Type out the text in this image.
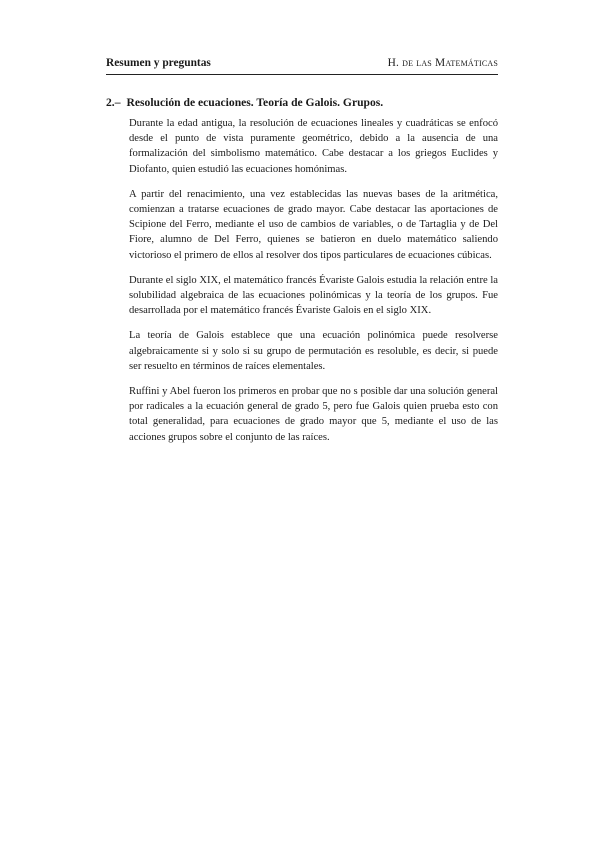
Resumen y preguntas	H. de las Matemáticas
2.– Resolución de ecuaciones. Teoría de Galois. Grupos.

Durante la edad antigua, la resolución de ecuaciones lineales y cuadráticas se enfocó desde el punto de vista puramente geométrico, debido a la ausencia de una formalización del simbolismo matemático. Cabe destacar a los griegos Euclides y Diofanto, quien estudió las ecuaciones homónimas.

A partir del renacimiento, una vez establecidas las nuevas bases de la aritmética, comienzan a tratarse ecuaciones de grado mayor. Cabe destacar las aportaciones de Scipione del Ferro, mediante el uso de cambios de variables, o de Tartaglia y de Del Fiore, alumno de Del Ferro, quienes se batieron en duelo matemático saliendo victorioso el primero de ellos al resolver dos tipos particulares de ecuaciones cúbicas.

Durante el siglo XIX, el matemático francés Évariste Galois estudia la relación entre la solubilidad algebraica de las ecuaciones polinómicas y la teoría de los grupos. Fue desarrollada por el matemático francés Évariste Galois en el siglo XIX.

La teoría de Galois establece que una ecuación polinómica puede resolverse algebraicamente si y solo si su grupo de permutación es resoluble, es decir, si puede ser resuelto en términos de raíces elementales.

Ruffini y Abel fueron los primeros en probar que no s posible dar una solución general por radicales a la ecuación general de grado 5, pero fue Galois quien prueba esto con total generalidad, para ecuaciones de grado mayor que 5, mediante el uso de las acciones grupos sobre el conjunto de las raíces.
